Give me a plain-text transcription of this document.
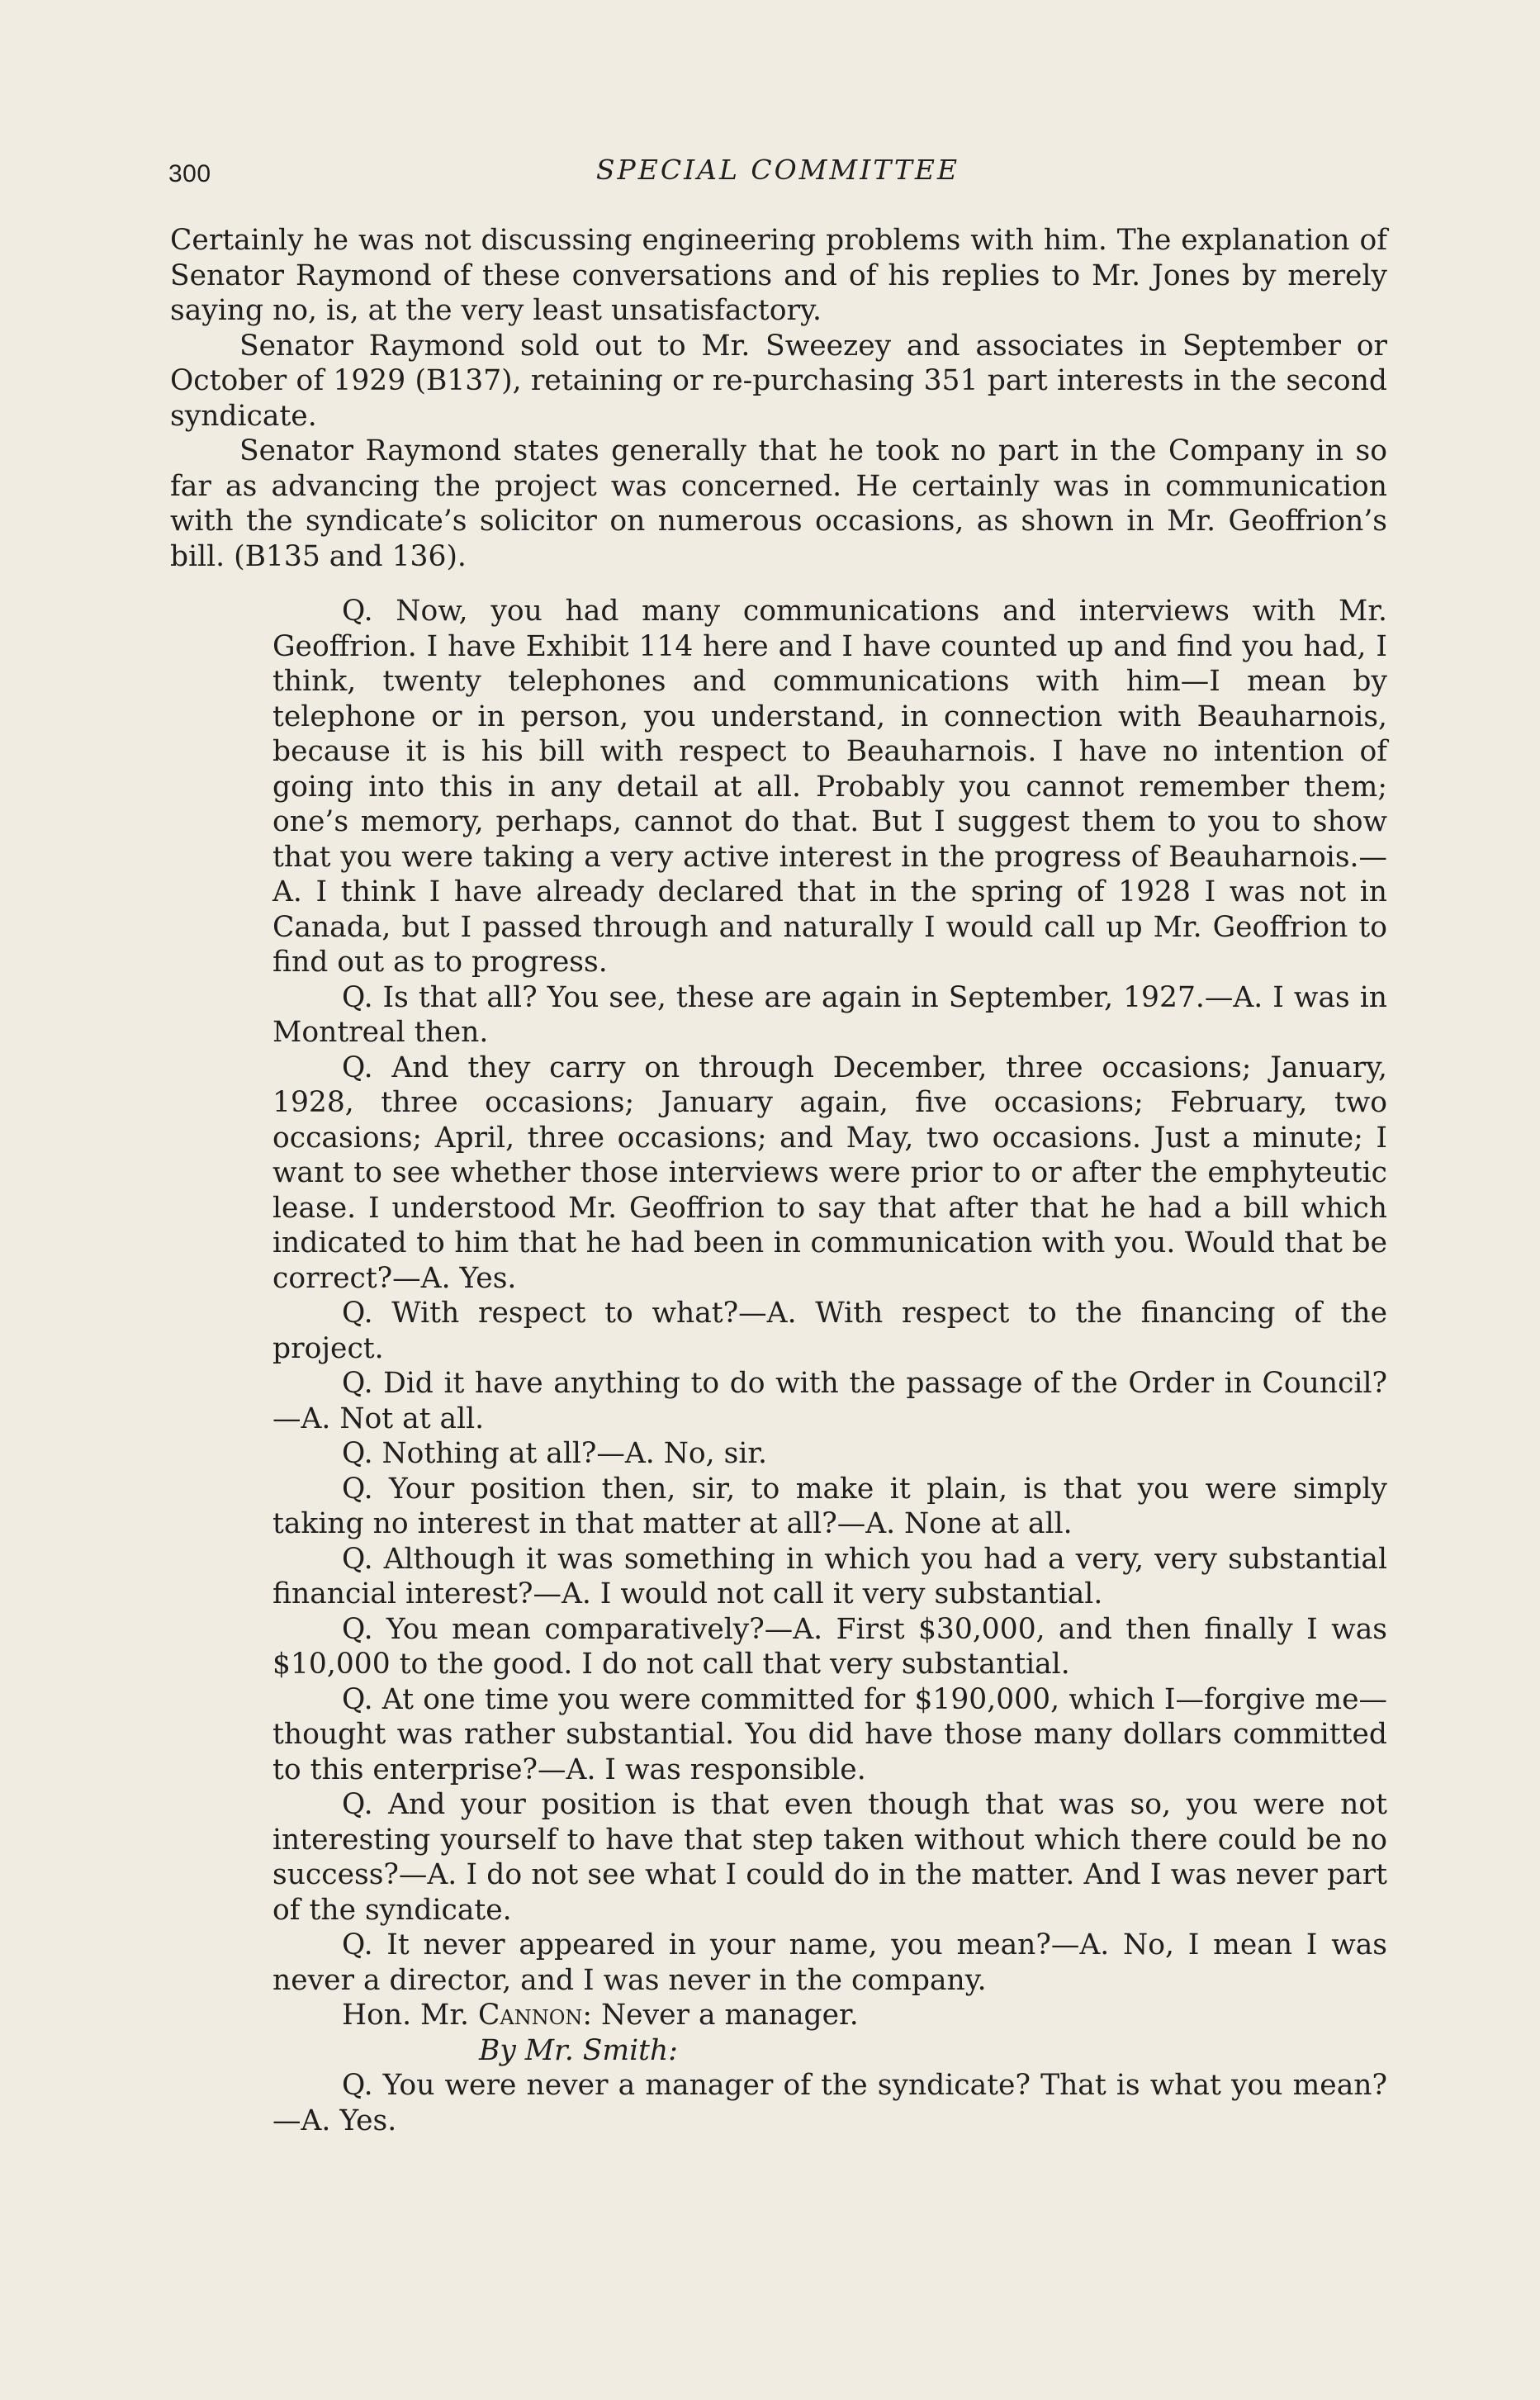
300	SPECIAL COMMITTEE

Certainly he was not discussing engineering problems with him. The explanation of Senator Raymond of these conversations and of his replies to Mr. Jones by merely saying no, is, at the very least unsatisfactory.

Senator Raymond sold out to Mr. Sweezey and associates in September or October of 1929 (B137), retaining or re-purchasing 351 part interests in the second syndicate.

Senator Raymond states generally that he took no part in the Company in so far as advancing the project was concerned. He certainly was in communication with the syndicate’s solicitor on numerous occasions, as shown in Mr. Geoffrion’s bill. (B135 and 136).

Q. Now, you had many communications and interviews with Mr. Geoffrion. I have Exhibit 114 here and I have counted up and find you had, I think, twenty telephones and communications with him—I mean by telephone or in person, you understand, in connection with Beauharnois, because it is his bill with respect to Beauharnois. I have no intention of going into this in any detail at all. Probably you cannot remember them; one’s memory, perhaps, cannot do that. But I suggest them to you to show that you were taking a very active interest in the progress of Beauharnois.—A. I think I have already declared that in the spring of 1928 I was not in Canada, but I passed through and naturally I would call up Mr. Geoffrion to find out as to progress.

Q. Is that all? You see, these are again in September, 1927.—A. I was in Montreal then.

Q. And they carry on through December, three occasions; January, 1928, three occasions; January again, five occasions; February, two occasions; April, three occasions; and May, two occasions. Just a minute; I want to see whether those interviews were prior to or after the emphyteutic lease. I understood Mr. Geoffrion to say that after that he had a bill which indicated to him that he had been in communication with you. Would that be correct?—A. Yes.

Q. With respect to what?—A. With respect to the financing of the project.

Q. Did it have anything to do with the passage of the Order in Council?—A. Not at all.

Q. Nothing at all?—A. No, sir.

Q. Your position then, sir, to make it plain, is that you were simply taking no interest in that matter at all?—A. None at all.

Q. Although it was something in which you had a very, very substantial financial interest?—A. I would not call it very substantial.

Q. You mean comparatively?—A. First $30,000, and then finally I was $10,000 to the good. I do not call that very substantial.

Q. At one time you were committed for $190,000, which I—forgive me—thought was rather substantial. You did have those many dollars committed to this enterprise?—A. I was responsible.

Q. And your position is that even though that was so, you were not interesting yourself to have that step taken without which there could be no success?—A. I do not see what I could do in the matter. And I was never part of the syndicate.

Q. It never appeared in your name, you mean?—A. No, I mean I was never a director, and I was never in the company.

Hon. Mr. Cannon: Never a manager.

By Mr. Smith:

Q. You were never a manager of the syndicate? That is what you mean?—A. Yes.
